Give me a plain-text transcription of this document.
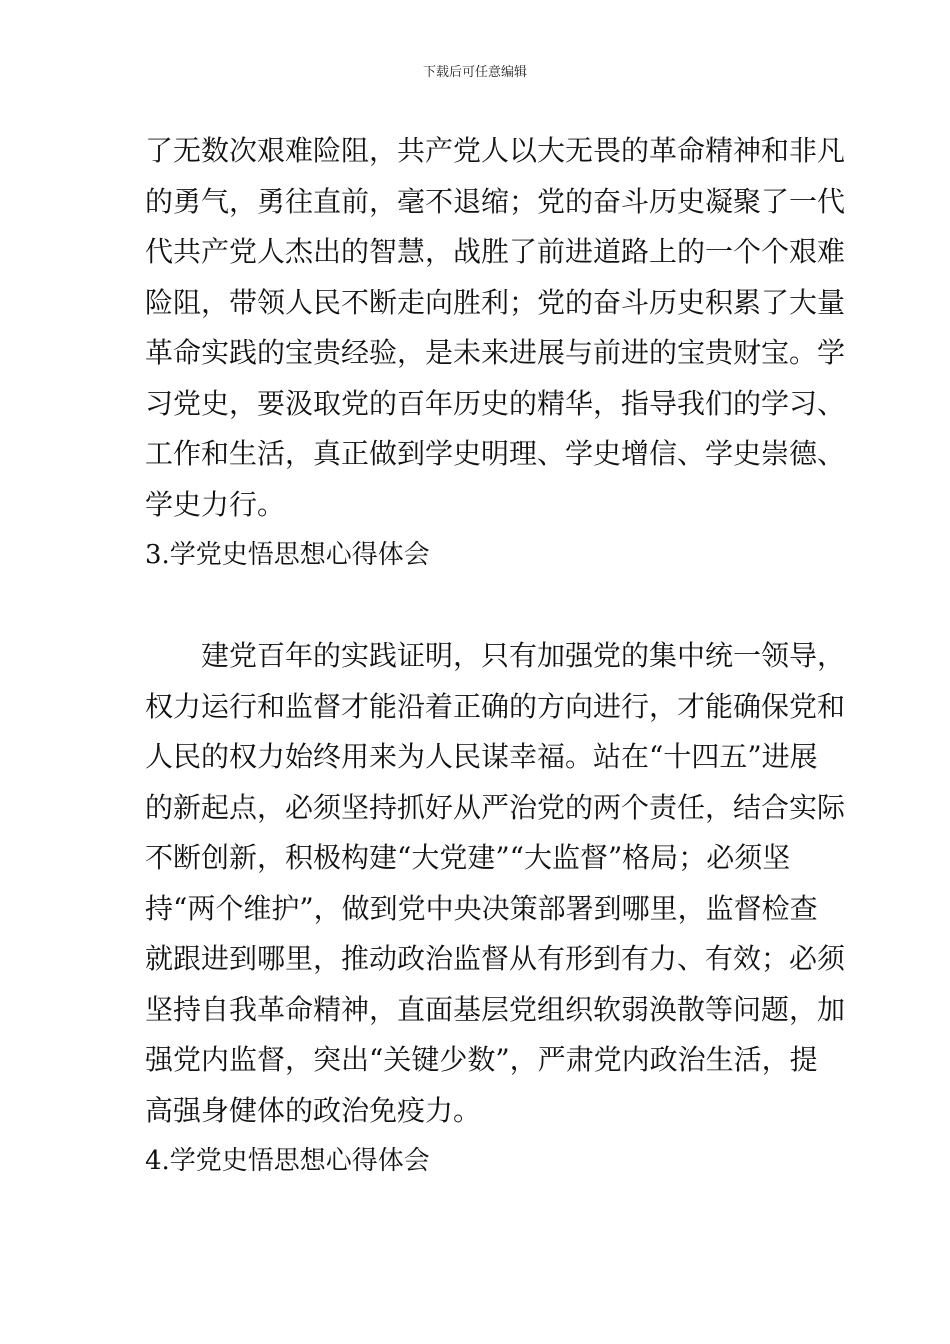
下载后可任意编辑
了无数次艰难险阻，共产党人以大无畏的革命精神和非凡
的勇气，勇往直前，毫不退缩；党的奋斗历史凝聚了一代
代共产党人杰出的智慧，战胜了前进道路上的一个个艰难
险阻，带领人民不断走向胜利；党的奋斗历史积累了大量
革命实践的宝贵经验，是未来进展与前进的宝贵财宝。学
习党史，要汲取党的百年历史的精华，指导我们的学习、
工作和生活，真正做到学史明理、学史增信、学史崇德、
学史力行。
3.学党史悟思想心得体会
建党百年的实践证明，只有加强党的集中统一领导，
权力运行和监督才能沿着正确的方向进行，才能确保党和
人民的权力始终用来为人民谋幸福。站在“十四五”进展
的新起点，必须坚持抓好从严治党的两个责任，结合实际
不断创新，积极构建“大党建”“大监督”格局；必须坚
持“两个维护”，做到党中央决策部署到哪里，监督检查
就跟进到哪里，推动政治监督从有形到有力、有效；必须
坚持自我革命精神，直面基层党组织软弱涣散等问题，加
强党内监督，突出“关键少数”，严肃党内政治生活，提
高强身健体的政治免疫力。
4.学党史悟思想心得体会
